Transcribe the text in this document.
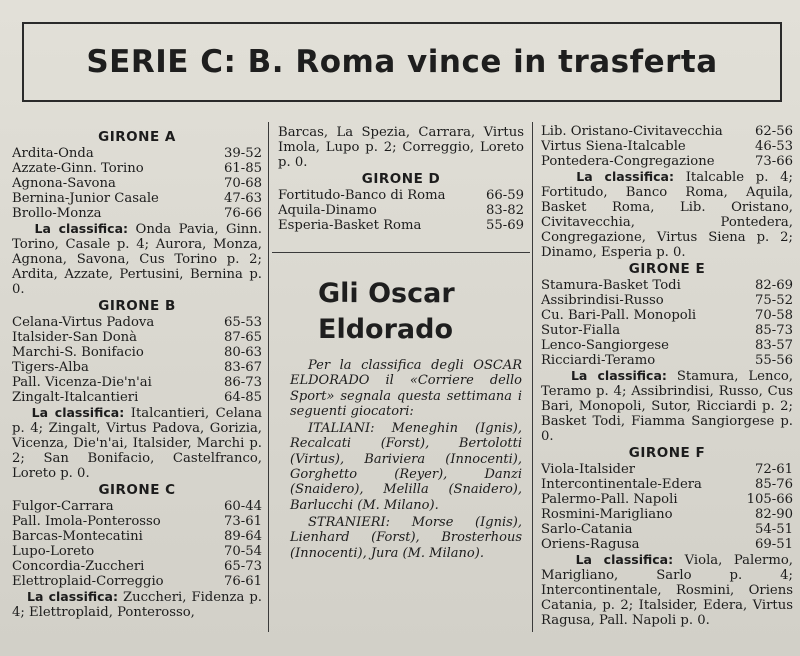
SERIE C: B. Roma vince in trasferta
GIRONE A
Ardita-Onda	39-52
Azzate-Ginn. Torino	61-85
Agnona-Savona	70-68
Bernina-Junior Casale	47-63
Brollo-Monza	76-66
La classifica: Onda Pavia, Ginn. Torino, Casale p. 4; Aurora, Monza, Agnona, Savona, Cus Torino p. 2; Ardita, Azzate, Pertusini, Bernina p. 0.
GIRONE B
Celana-Virtus Padova	65-53
Italsider-San Donà	87-65
Marchi-S. Bonifacio	80-63
Tigers-Alba	83-67
Pall. Vicenza-Die'n'ai	86-73
Zingalt-Italcantieri	64-85
La classifica: Italcantieri, Celana p. 4; Zingalt, Virtus Padova, Gorizia, Vicenza, Die'n'ai, Italsider, Marchi p. 2; San Bonifacio, Castelfranco, Loreto p. 0.
GIRONE C
Fulgor-Carrara	60-44
Pall. Imola-Ponterosso	73-61
Barcas-Montecatini	89-64
Lupo-Loreto	70-54
Concordia-Zuccheri	65-73
Elettroplaid-Correggio	76-61
La classifica: Zuccheri, Fidenza p. 4; Elettroplaid, Ponterosso,
Barcas, La Spezia, Carrara, Virtus Imola, Lupo p. 2; Correggio, Loreto p. 0.
GIRONE D
Fortitudo-Banco di Roma	66-59
Aquila-Dinamo	83-82
Esperia-Basket Roma	55-69
Gli Oscar
Eldorado

Per la classifica degli OSCAR ELDORADO il «Corriere dello Sport» segnala questa settimana i seguenti giocatori:

ITALIANI: Meneghin (Ignis), Recalcati (Forst), Bertolotti (Virtus), Bariviera (Innocenti), Gorghetto (Reyer), Danzi (Snaidero), Melilla (Snaidero), Barlucchi (M. Milano).

STRANIERI: Morse (Ignis), Lienhard (Forst), Brosterhous (Innocenti), Jura (M. Milano).

Lib. Oristano-Civitavecchia	62-56
Virtus Siena-Italcable	46-53
Pontedera-Congregazione	73-66
La classifica: Italcable p. 4; Fortitudo, Banco Roma, Aquila, Basket Roma, Lib. Oristano, Civitavecchia, Pontedera, Congregazione, Virtus Siena p. 2; Dinamo, Esperia p. 0.
GIRONE E
Stamura-Basket Todi	82-69
Assibrindisi-Russo	75-52
Cu. Bari-Pall. Monopoli	70-58
Sutor-Fialla	85-73
Lenco-Sangiorgese	83-57
Ricciardi-Teramo	55-56
La classifica: Stamura, Lenco, Teramo p. 4; Assibrindisi, Russo, Cus Bari, Monopoli, Sutor, Ricciardi p. 2; Basket Todi, Fiamma Sangiorgese p. 0.
GIRONE F
Viola-Italsider	72-61
Intercontinentale-Edera	85-76
Palermo-Pall. Napoli	105-66
Rosmini-Marigliano	82-90
Sarlo-Catania	54-51
Oriens-Ragusa	69-51
La classifica: Viola, Palermo, Marigliano, Sarlo p. 4; Intercontinentale, Rosmini, Oriens Catania, p. 2; Italsider, Edera, Virtus Ragusa, Pall. Napoli p. 0.
